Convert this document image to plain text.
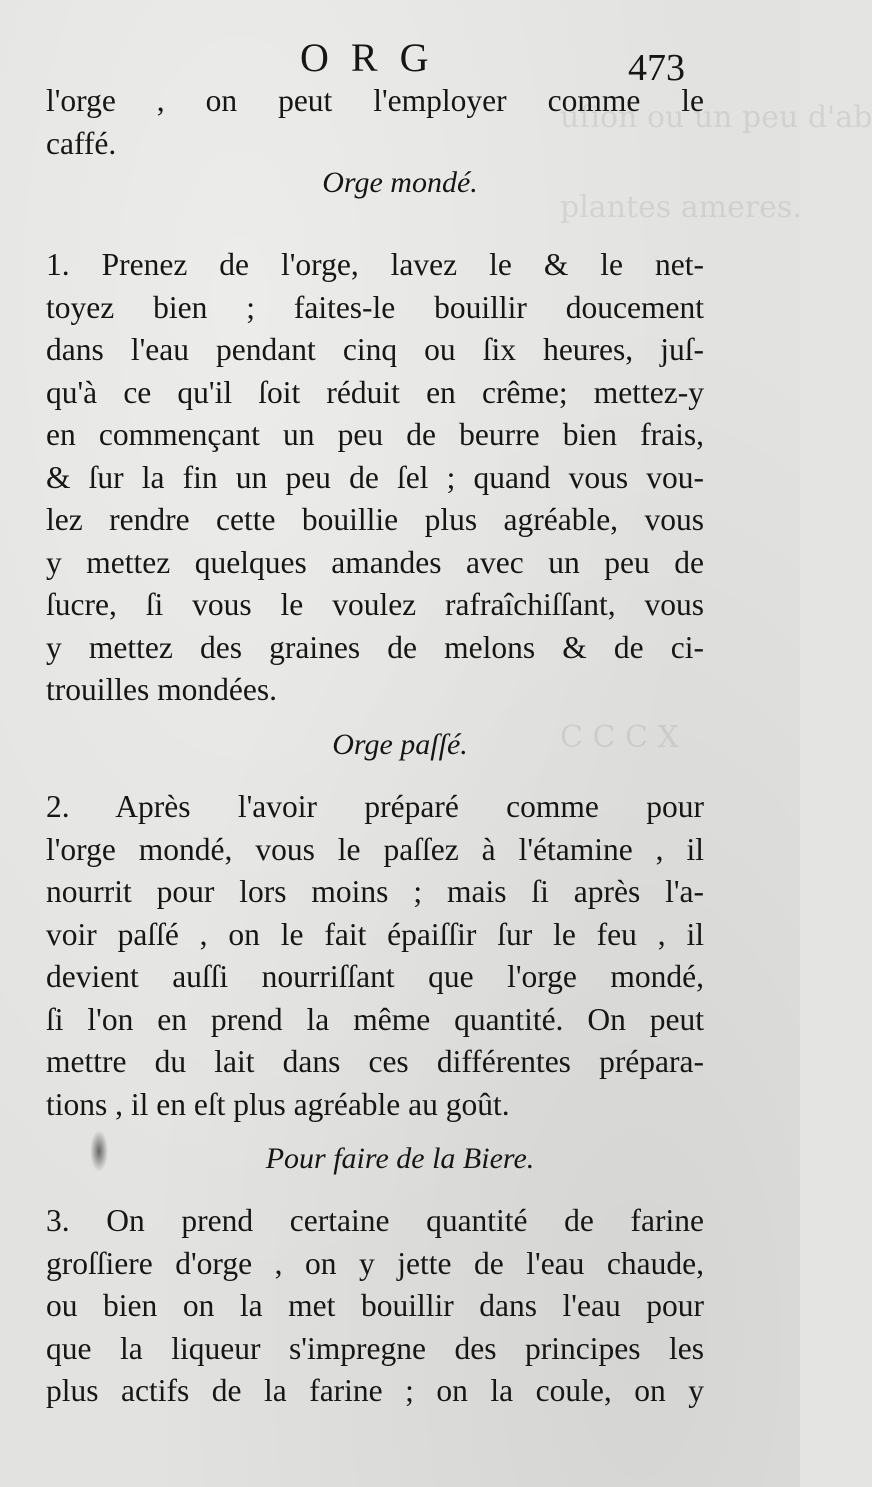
uſion ou un peu d'ab
plantes ameres.
C C C X
O R G	473
l'orge , on peut l'employer comme le
caffé.
Orge mondé.
1. Prenez de l'orge, lavez le & le net-
toyez bien ; faites-le bouillir doucement
dans l'eau pendant cinq ou ſix heures, juſ-
qu'à ce qu'il ſoit réduit en crême; mettez-y
en commençant un peu de beurre bien frais,
& ſur la fin un peu de ſel ; quand vous vou-
lez rendre cette bouillie plus agréable, vous
y mettez quelques amandes avec un peu de
ſucre, ſi vous le voulez rafraîchiſſant, vous
y mettez des graines de melons & de ci-
trouilles mondées.
Orge paſſé.
2. Après l'avoir préparé comme pour
l'orge mondé, vous le paſſez à l'étamine , il
nourrit pour lors moins ; mais ſi après l'a-
voir paſſé , on le fait épaiſſir ſur le feu , il
devient auſſi nourriſſant que l'orge mondé,
ſi l'on en prend la même quantité. On peut
mettre du lait dans ces différentes prépara-
tions , il en eſt plus agréable au goût.
Pour faire de la Biere.
3. On prend certaine quantité de farine
groſſiere d'orge , on y jette de l'eau chaude,
ou bien on la met bouillir dans l'eau pour
que la liqueur s'impregne des principes les
plus actifs de la farine ; on la coule, on y
